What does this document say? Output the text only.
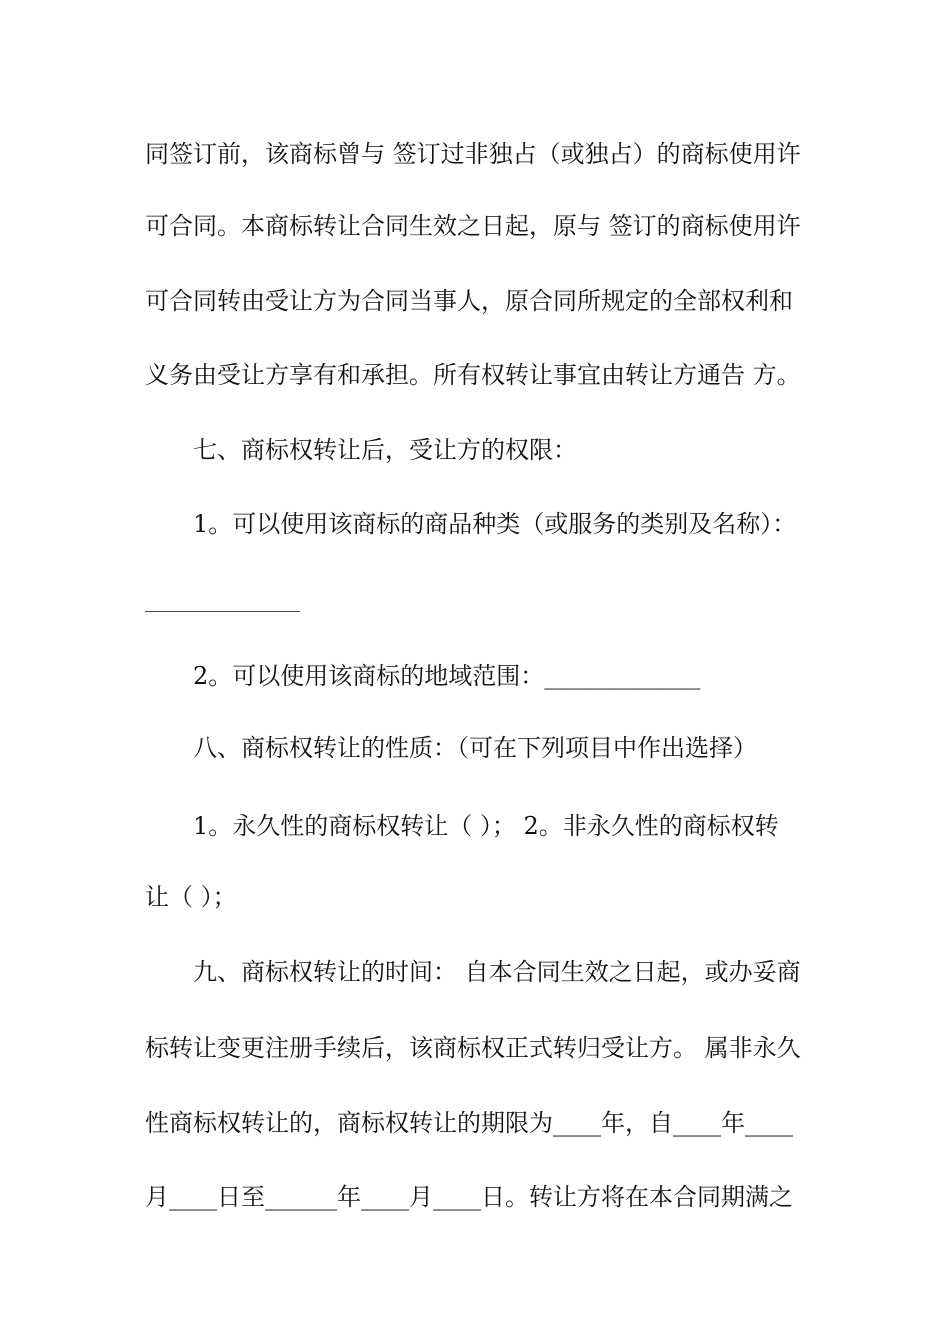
同签订前，该商标曾与 签订过非独占（或独占）的商标使用许
可合同。本商标转让合同生效之日起，原与 签订的商标使用许
可合同转由受让方为合同当事人，原合同所规定的全部权利和
义务由受让方享有和承担。所有权转让事宜由转让方通告 方。
七、商标权转让后，受让方的权限：
1。可以使用该商标的商品种类（或服务的类别及名称）：
2。可以使用该商标的地域范围：_____________
八、商标权转让的性质：（可在下列项目中作出选择）
1。永久性的商标权转让（ ）； 2。非永久性的商标权转
让（ ）；
九、商标权转让的时间： 自本合同生效之日起，或办妥商
标转让变更注册手续后，该商标权正式转归受让方。 属非永久
性商标权转让的，商标权转让的期限为____年，自____年____
月____日至______年____月____日。转让方将在本合同期满之
